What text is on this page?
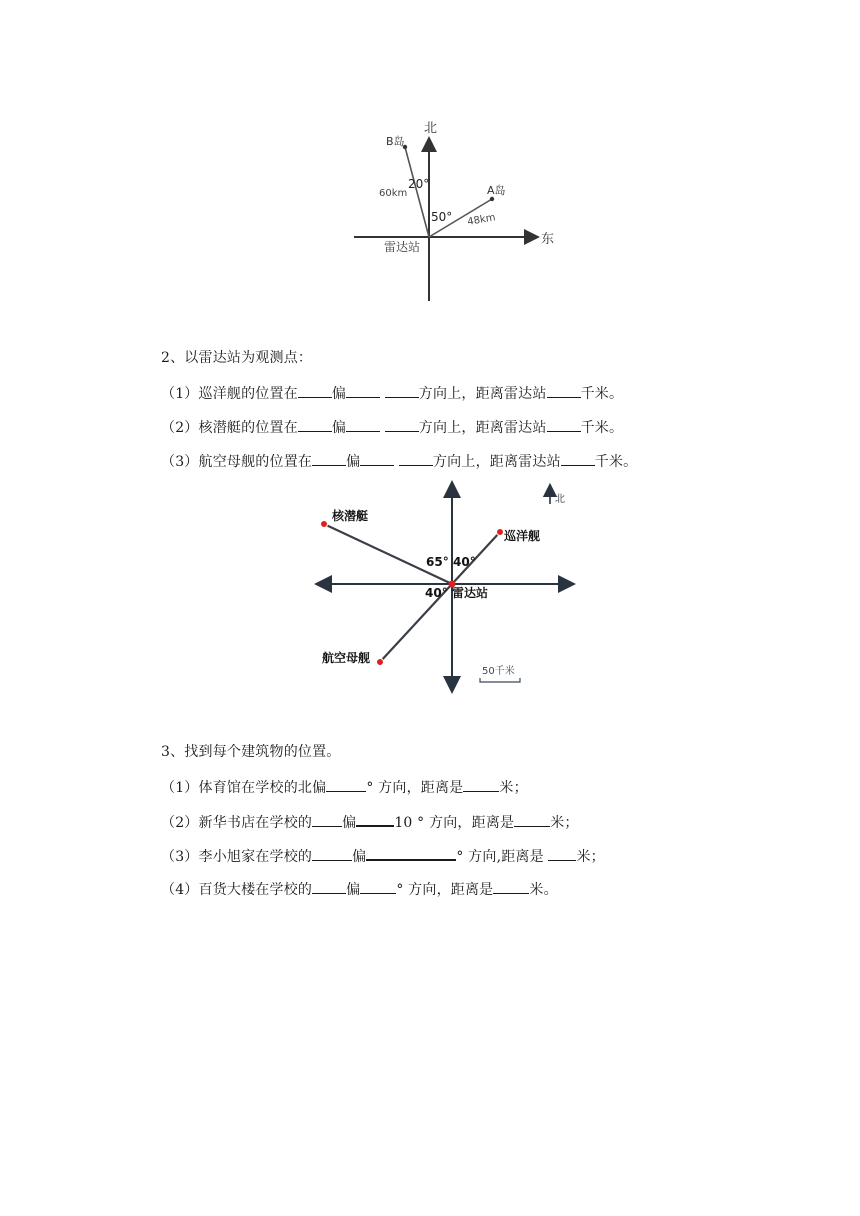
北
东
雷达站
B岛
A岛
60km
48km
20°
50°
2、以雷达站为观测点：
（1）巡洋舰的位置在 偏	方向上，距离雷达站 千米。
（2）核潜艇的位置在 偏	方向上，距离雷达站 千米。
（3）航空母舰的位置在 偏	方向上，距离雷达站 千米。
核潜艇
巡洋舰
航空母舰
雷达站
65° 40°
40°
北
50千米
3、找到每个建筑物的位置。
（1）体育馆在学校的北偏	° 方向，距离是	米；
（2）新华书店在学校的 偏	10 ° 方向，距离是	米；
（3）李小旭家在学校的	偏	° 方向,距离是 米；
（4）百货大楼在学校的 偏	° 方向，距离是	米。
